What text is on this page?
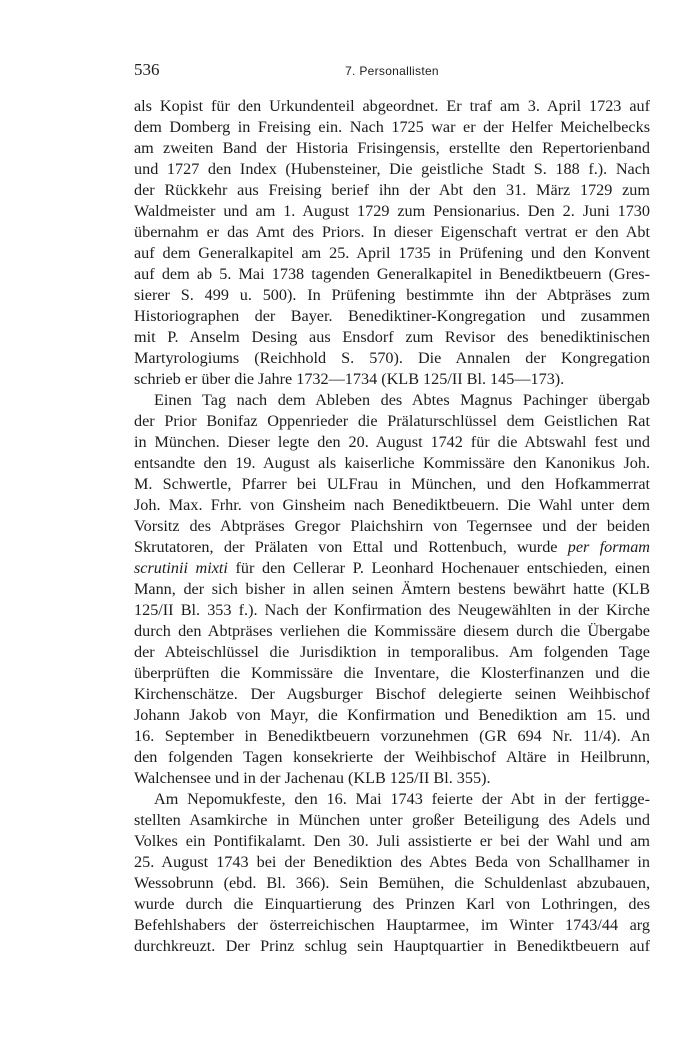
536	7. Personallisten
als Kopist für den Urkundenteil abgeordnet. Er traf am 3. April 1723 auf
dem Domberg in Freising ein. Nach 1725 war er der Helfer Meichelbecks
am zweiten Band der Historia Frisingensis, erstellte den Repertorienband
und 1727 den Index (Hubensteiner, Die geistliche Stadt S. 188 f.). Nach
der Rückkehr aus Freising berief ihn der Abt den 31. März 1729 zum
Waldmeister und am 1. August 1729 zum Pensionarius. Den 2. Juni 1730
übernahm er das Amt des Priors. In dieser Eigenschaft vertrat er den Abt
auf dem Generalkapitel am 25. April 1735 in Prüfening und den Konvent
auf dem ab 5. Mai 1738 tagenden Generalkapitel in Benediktbeuern (Gres-
sierer S. 499 u. 500). In Prüfening bestimmte ihn der Abtpräses zum
Historiographen der Bayer. Benediktiner-Kongregation und zusammen
mit P. Anselm Desing aus Ensdorf zum Revisor des benediktinischen
Martyrologiums (Reichhold S. 570). Die Annalen der Kongregation
schrieb er über die Jahre 1732—1734 (KLB 125/II Bl. 145—173).
Einen Tag nach dem Ableben des Abtes Magnus Pachinger übergab
der Prior Bonifaz Oppenrieder die Prälaturschlüssel dem Geistlichen Rat
in München. Dieser legte den 20. August 1742 für die Abtswahl fest und
entsandte den 19. August als kaiserliche Kommissäre den Kanonikus Joh.
M. Schwertle, Pfarrer bei ULFrau in München, und den Hofkammerrat
Joh. Max. Frhr. von Ginsheim nach Benediktbeuern. Die Wahl unter dem
Vorsitz des Abtpräses Gregor Plaichshirn von Tegernsee und der beiden
Skrutatoren, der Prälaten von Ettal und Rottenbuch, wurde per formam
scrutinii mixti für den Cellerar P. Leonhard Hochenauer entschieden, einen
Mann, der sich bisher in allen seinen Ämtern bestens bewährt hatte (KLB
125/II Bl. 353 f.). Nach der Konfirmation des Neugewählten in der Kirche
durch den Abtpräses verliehen die Kommissäre diesem durch die Übergabe
der Abteischlüssel die Jurisdiktion in temporalibus. Am folgenden Tage
überprüften die Kommissäre die Inventare, die Klosterfinanzen und die
Kirchenschätze. Der Augsburger Bischof delegierte seinen Weihbischof
Johann Jakob von Mayr, die Konfirmation und Benediktion am 15. und
16. September in Benediktbeuern vorzunehmen (GR 694 Nr. 11/4). An
den folgenden Tagen konsekrierte der Weihbischof Altäre in Heilbrunn,
Walchensee und in der Jachenau (KLB 125/II Bl. 355).
Am Nepomukfeste, den 16. Mai 1743 feierte der Abt in der fertigge-
stellten Asamkirche in München unter großer Beteiligung des Adels und
Volkes ein Pontifikalamt. Den 30. Juli assistierte er bei der Wahl und am
25. August 1743 bei der Benediktion des Abtes Beda von Schallhamer in
Wessobrunn (ebd. Bl. 366). Sein Bemühen, die Schuldenlast abzubauen,
wurde durch die Einquartierung des Prinzen Karl von Lothringen, des
Befehlshabers der österreichischen Hauptarmee, im Winter 1743/44 arg
durchkreuzt. Der Prinz schlug sein Hauptquartier in Benediktbeuern auf
